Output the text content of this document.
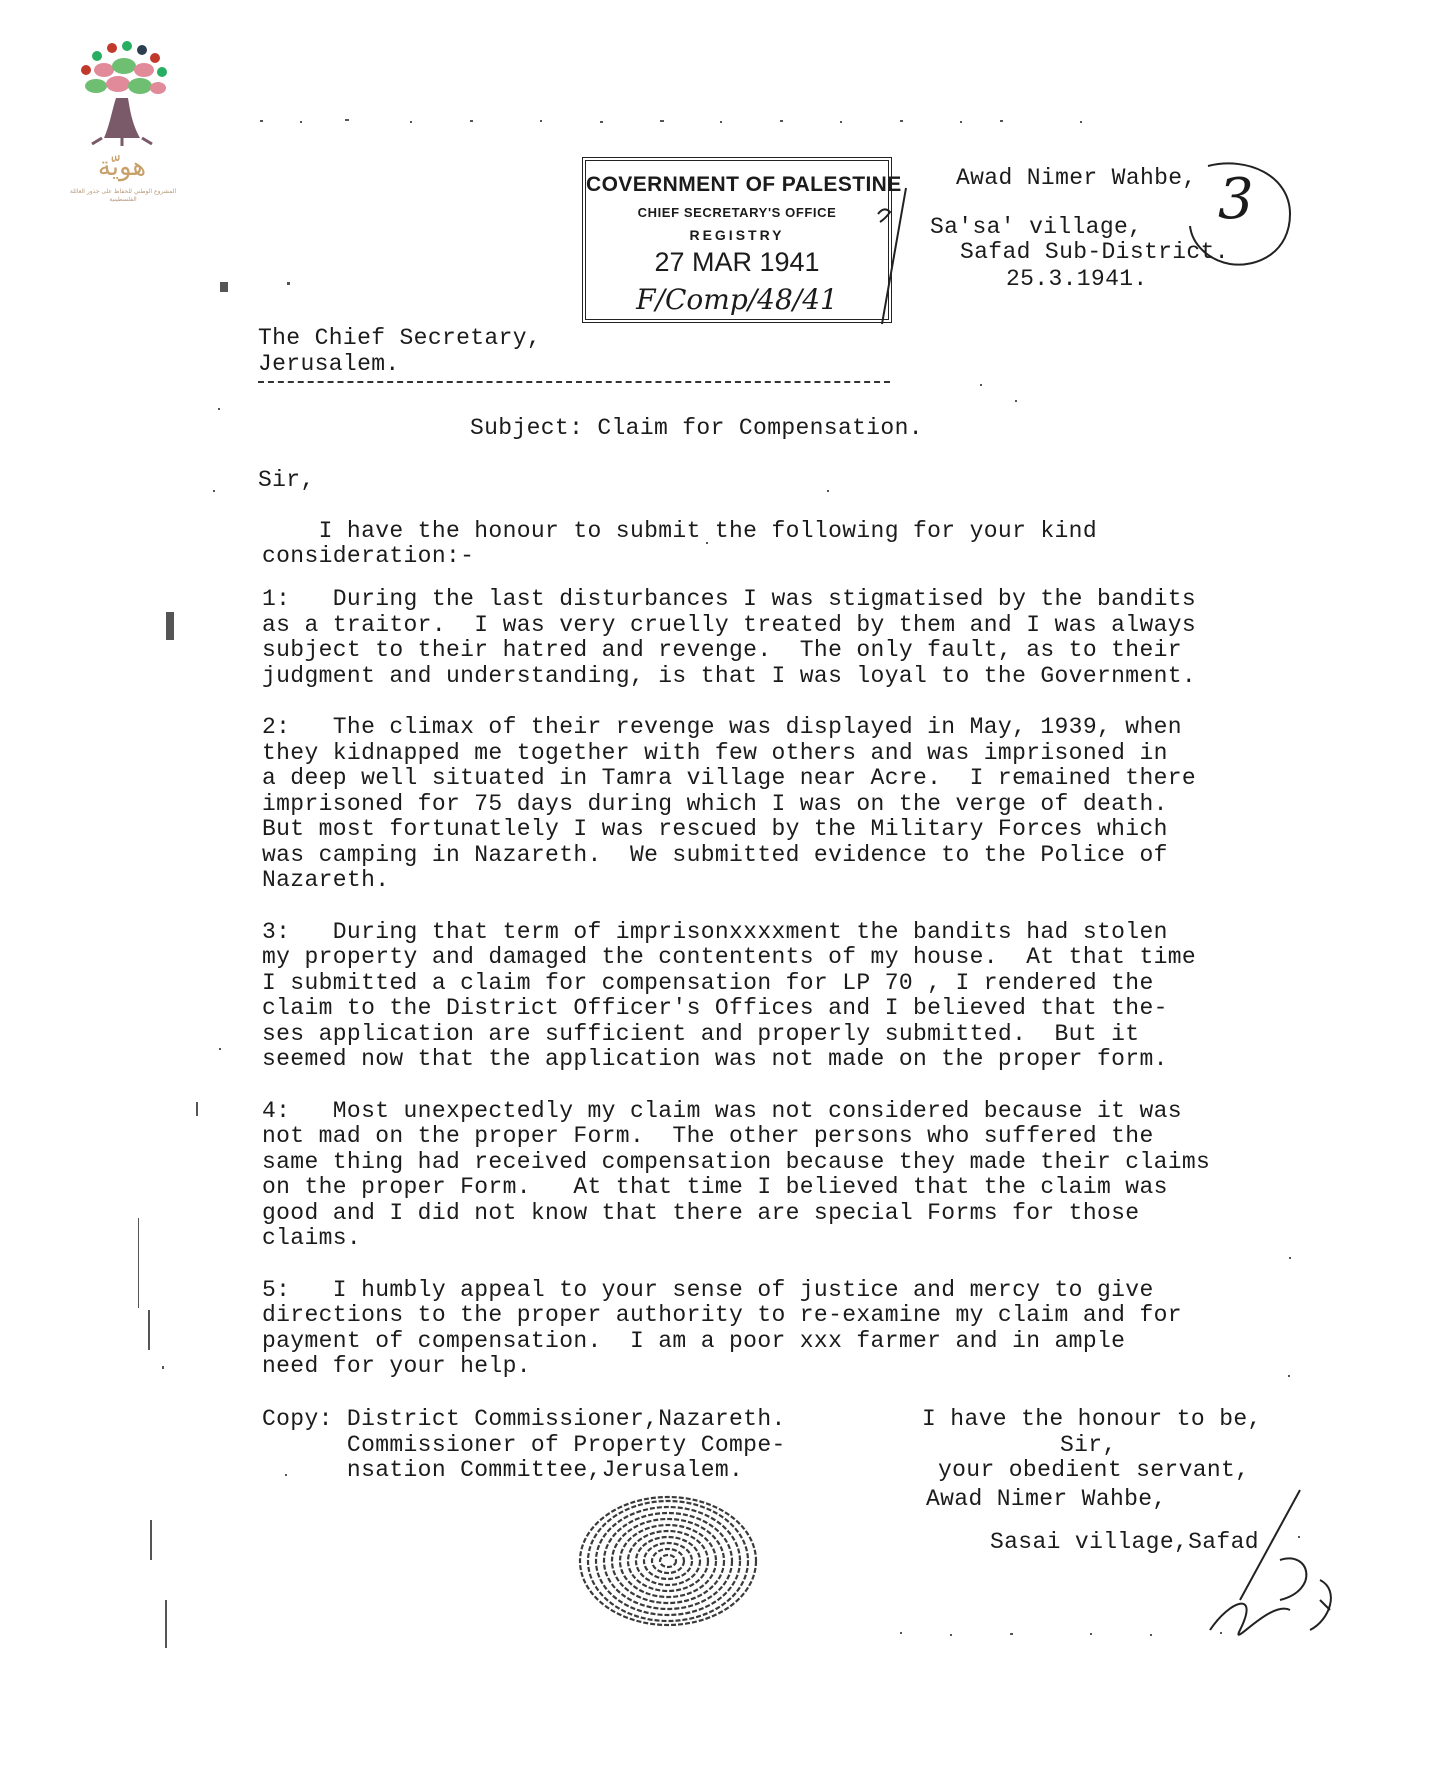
هويّة
المشروع الوطني للحفاظ على جذور العائلة الفلسطينية
COVERNMENT OF PALESTINE
CHIEF SECRETARY'S OFFICE
REGISTRY
27 MAR 1941
F/Comp/48/41
3
Awad Nimer Wahbe,
Sa'sa' village,
Safad Sub-District.
25.3.1941.
The Chief Secretary,
Jerusalem.
Subject: Claim for Compensation.
Sir,
I have the honour to submit the following for your kind
consideration:-
1:   During the last disturbances I was stigmatised by the bandits
as a traitor.  I was very cruelly treated by them and I was always
subject to their hatred and revenge.  The only fault, as to their
judgment and understanding, is that I was loyal to the Government.
2:   The climax of their revenge was displayed in May, 1939, when
they kidnapped me together with few others and was imprisoned in
a deep well situated in Tamra village near Acre.  I remained there
imprisoned for 75 days during which I was on the verge of death.
But most fortunatlely I was rescued by the Military Forces which
was camping in Nazareth.  We submitted evidence to the Police of
Nazareth.
3:   During that term of imprisonxxxxment the bandits had stolen
my property and damaged the contentents of my house.  At that time
I submitted a claim for compensation for LP 70 , I rendered the
claim to the District Officer's Offices and I believed that the-
ses application are sufficient and properly submitted.  But it
seemed now that the application was not made on the proper form.
4:   Most unexpectedly my claim was not considered because it was
not mad on the proper Form.  The other persons who suffered the
same thing had received compensation because they made their claims
on the proper Form.   At that time I believed that the claim was
good and I did not know that there are special Forms for those
claims.
5:   I humbly appeal to your sense of justice and mercy to give
directions to the proper authority to re-examine my claim and for
payment of compensation.  I am a poor xxx farmer and in ample
need for your help.
Copy: District Commissioner,Nazareth.
Commissioner of Property Compe-
nsation Committee,Jerusalem.
I have the honour to be,
Sir,
your obedient servant,
Awad Nimer Wahbe,
Sasai village,Safad
